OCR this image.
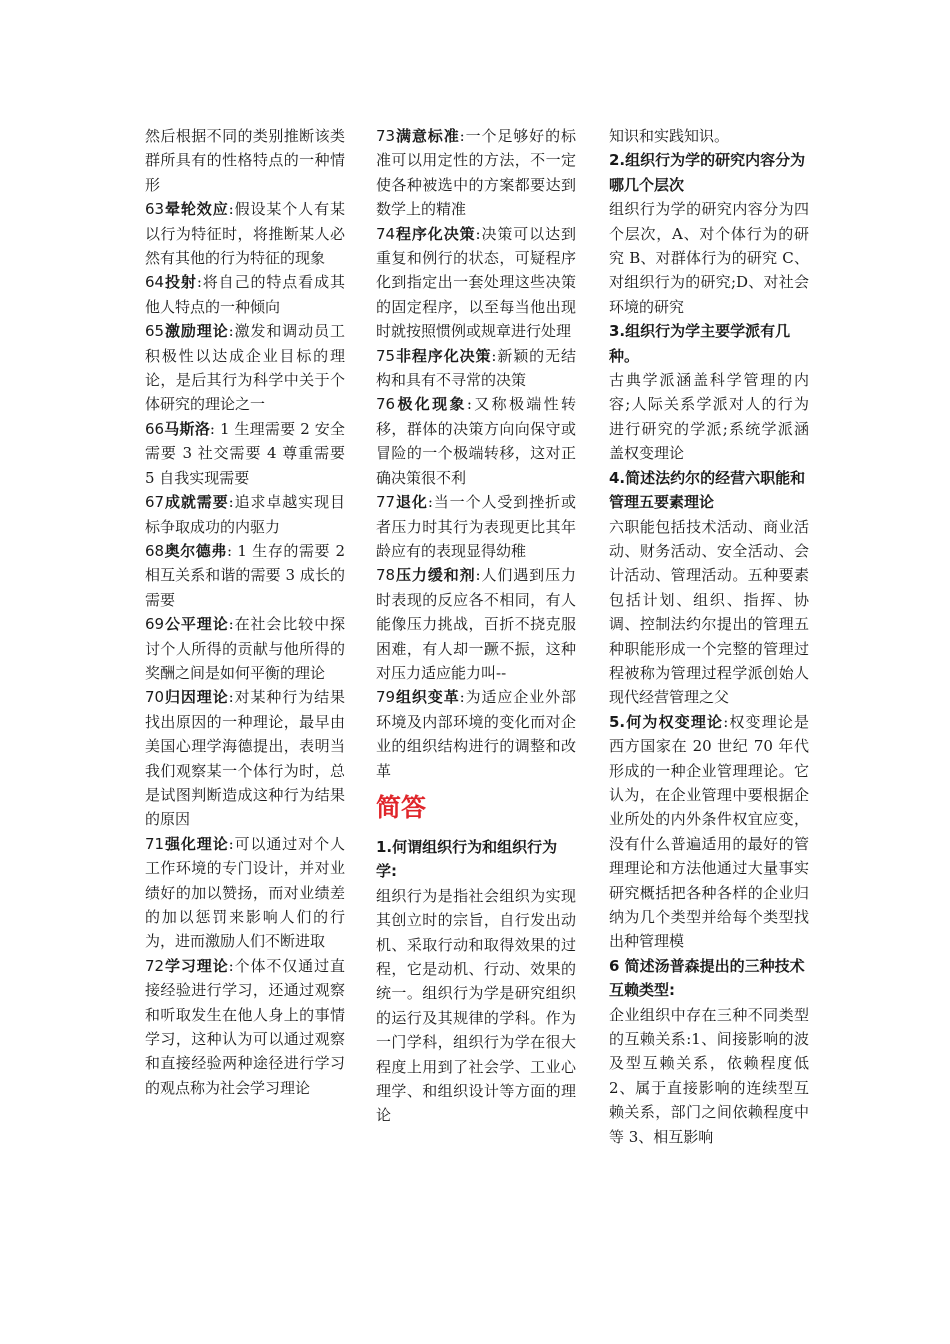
然后根据不同的类别推断该类群所具有的性格特点的一种情形

63晕轮效应:假设某个人有某以行为特征时，将推断某人必然有其他的行为特征的现象

64投射:将自己的特点看成其他人特点的一种倾向

65激励理论:激发和调动员工积极性以达成企业目标的理论，是后其行为科学中关于个体研究的理论之一

66马斯洛: 1 生理需要 2 安全需要 3 社交需要 4 尊重需要 5 自我实现需要

67成就需要:追求卓越实现目标争取成功的内驱力

68奥尔德弗: 1 生存的需要 2 相互关系和谐的需要 3 成长的需要

69公平理论:在社会比较中探讨个人所得的贡献与他所得的奖酬之间是如何平衡的理论

70归因理论:对某种行为结果找出原因的一种理论，最早由美国心理学海德提出，表明当我们观察某一个体行为时，总是试图判断造成这种行为结果的原因

71强化理论:可以通过对个人工作环境的专门设计，并对业绩好的加以赞扬，而对业绩差的加以惩罚来影响人们的行为，进而激励人们不断进取

72学习理论:个体不仅通过直接经验进行学习，还通过观察和听取发生在他人身上的事情学习，这种认为可以通过观察和直接经验两种途径进行学习的观点称为社会学习理论

73满意标准:一个足够好的标准可以用定性的方法，不一定使各种被选中的方案都要达到数学上的精准

74程序化决策:决策可以达到重复和例行的状态，可疑程序化到指定出一套处理这些决策的固定程序，以至每当他出现时就按照惯例或规章进行处理

75非程序化决策:新颖的无结构和具有不寻常的决策

76极化现象:又称极端性转移，群体的决策方向向保守或冒险的一个极端转移，这对正确决策很不利

77退化:当一个人受到挫折或者压力时其行为表现更比其年龄应有的表现显得幼稚

78压力缓和剂:人们遇到压力时表现的反应各不相同，有人能像压力挑战，百折不挠克服困难，有人却一蹶不振，这种对压力适应能力叫--

79组织变革:为适应企业外部环境及内部环境的变化而对企业的组织结构进行的调整和改革

简答

1.何谓组织行为和组织行为学:

组织行为是指社会组织为实现其创立时的宗旨，自行发出动机、采取行动和取得效果的过程，它是动机、行动、效果的统一。组织行为学是研究组织的运行及其规律的学科。作为一门学科，组织行为学在很大程度上用到了社会学、工业心理学、和组织设计等方面的理论

知识和实践知识。

2.组织行为学的研究内容分为哪几个层次

组织行为学的研究内容分为四个层次，A、对个体行为的研究 B、对群体行为的研究 C、对组织行为的研究;D、对社会环境的研究

3.组织行为学主要学派有几种。

古典学派涵盖科学管理的内容;人际关系学派对人的行为进行研究的学派;系统学派涵盖权变理论

4.简述法约尔的经营六职能和管理五要素理论

六职能包括技术活动、商业活动、财务活动、安全活动、会计活动、管理活动。五种要素包括计划、组织、指挥、协调、控制法约尔提出的管理五种职能形成一个完整的管理过程被称为管理过程学派创始人现代经营管理之父

5.何为权变理论:权变理论是西方国家在 20 世纪 70 年代形成的一种企业管理理论。它认为，在企业管理中要根据企业所处的内外条件权宜应变，没有什么普遍适用的最好的管理理论和方法他通过大量事实研究概括把各种各样的企业归纳为几个类型并给每个类型找出种管理模

6 简述汤普森提出的三种技术互赖类型:

企业组织中存在三种不同类型的互赖关系:1、间接影响的波及型互赖关系，依赖程度低 2、属于直接影响的连续型互赖关系，部门之间依赖程度中等 3、相互影响
